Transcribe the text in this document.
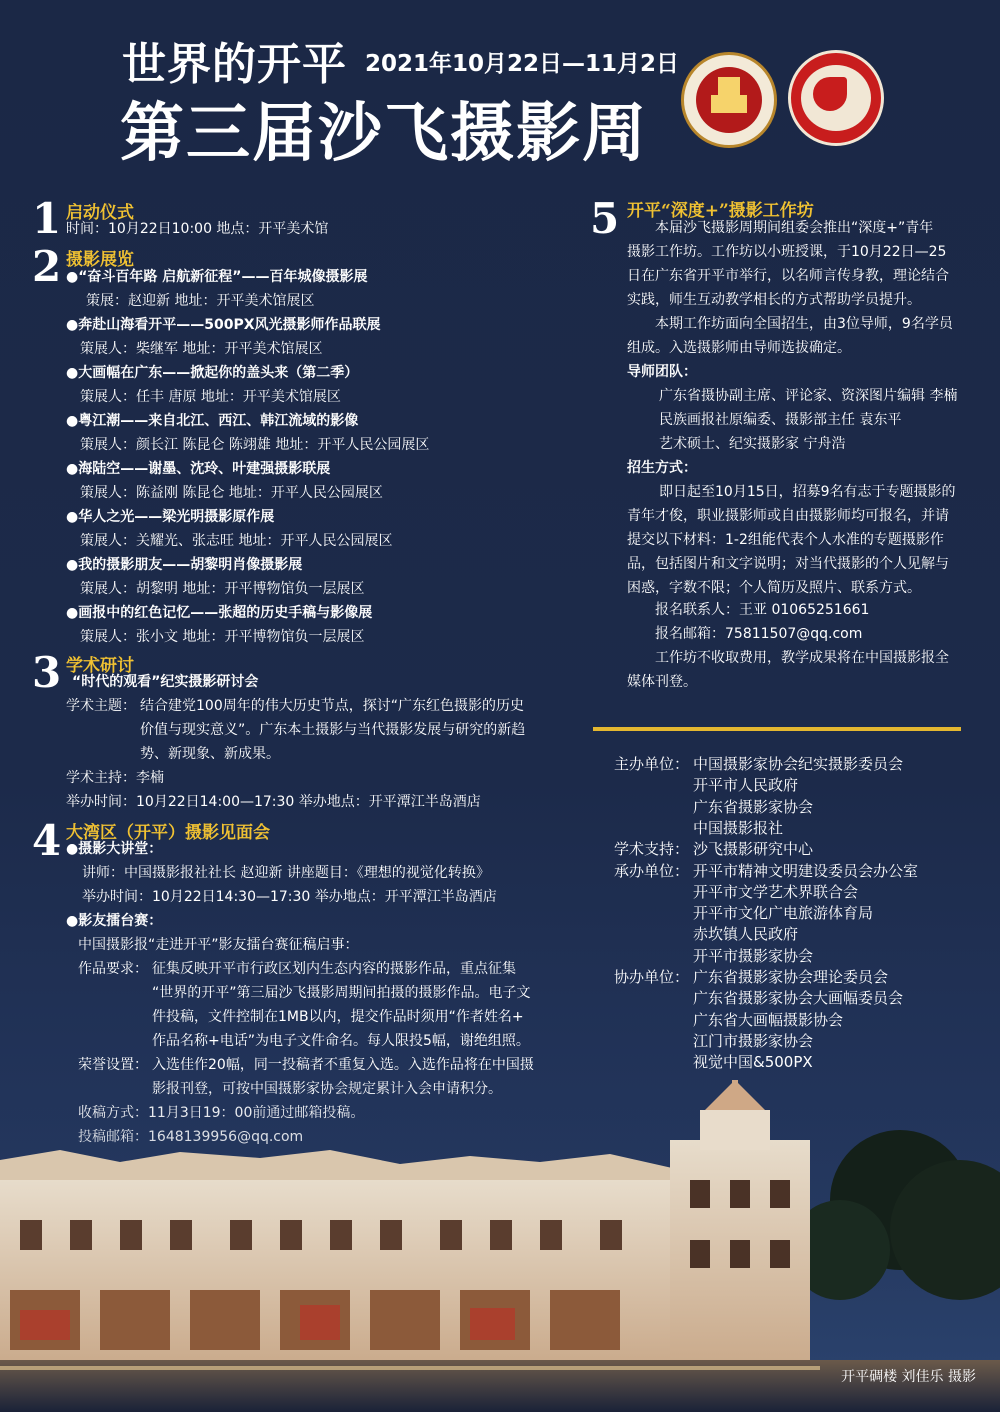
世界的开平 2021年10月22日—11月2日
第三届沙飞摄影周
1 启动仪式
时间：10月22日10:00 地点：开平美术馆
2 摄影展览
●“奋斗百年路 启航新征程”——百年城像摄影展
策展：赵迎新 地址：开平美术馆展区
●奔赴山海看开平——500PX风光摄影师作品联展
策展人：柴继军 地址：开平美术馆展区
●大画幅在广东——掀起你的盖头来（第二季）
策展人：任丰 唐原 地址：开平美术馆展区
●粤江潮——来自北江、西江、韩江流域的影像
策展人：颜长江 陈昆仑 陈翊雄 地址：开平人民公园展区
●海陆空——谢墨、沈玲、叶建强摄影联展
策展人：陈益刚 陈昆仑 地址：开平人民公园展区
●华人之光——梁光明摄影原作展
策展人：关耀光、张志旺 地址：开平人民公园展区
●我的摄影朋友——胡黎明肖像摄影展
策展人：胡黎明 地址：开平博物馆负一层展区
●画报中的红色记忆——张超的历史手稿与影像展
策展人：张小文 地址：开平博物馆负一层展区
3 学术研讨
“时代的观看”纪实摄影研讨会
学术主题： 结合建党100周年的伟大历史节点，探讨“广东红色摄影的历史
价值与现实意义”。广东本土摄影与当代摄影发展与研究的新趋
势、新现象、新成果。
学术主持：李楠
举办时间：10月22日14:00—17:30 举办地点：开平潭江半岛酒店
4 大湾区（开平）摄影见面会
●摄影大讲堂：
讲师：中国摄影报社社长 赵迎新 讲座题目：《理想的视觉化转换》
举办时间：10月22日14:30—17:30 举办地点：开平潭江半岛酒店
●影友擂台赛：
中国摄影报“走进开平”影友擂台赛征稿启事：
作品要求： 征集反映开平市行政区划内生态内容的摄影作品，重点征集
“世界的开平”第三届沙飞摄影周期间拍摄的摄影作品。电子文
件投稿，文件控制在1MB以内，提交作品时须用“作者姓名+
作品名称+电话”为电子文件命名。每人限投5幅，谢绝组照。
荣誉设置： 入选佳作20幅，同一投稿者不重复入选。入选作品将在中国摄
5 开平“深度+”摄影工作坊
本届沙飞摄影周期间组委会推出“深度+”青年
摄影工作坊。工作坊以小班授课，于10月22日—25
日在广东省开平市举行，以名师言传身教，理论结合
实践，师生互动教学相长的方式帮助学员提升。
本期工作坊面向全国招生，由3位导师，9名学员
组成。入选摄影师由导师选拔确定。
导师团队：
广东省摄协副主席、评论家、资深图片编辑 李楠
民族画报社原编委、摄影部主任 袁东平
艺术硕士、纪实摄影家 宁舟浩
招生方式：
即日起至10月15日，招募9名有志于专题摄影的
青年才俊，职业摄影师或自由摄影师均可报名，并请
提交以下材料：1-2组能代表个人水准的专题摄影作
品，包括图片和文字说明；对当代摄影的个人见解与
困惑，字数不限；个人简历及照片、联系方式。
报名联系人：王亚 01065251661
报名邮箱：75811507@qq.com
工作坊不收取费用，教学成果将在中国摄影报全
媒体刊登。
主办单位： 中国摄影家协会纪实摄影委员会
开平市人民政府
广东省摄影家协会
中国摄影报社
学术支持： 沙飞摄影研究中心
承办单位： 开平市精神文明建设委员会办公室
开平市文学艺术界联合会
开平市文化广电旅游体育局
赤坎镇人民政府
开平市摄影家协会
协办单位： 广东省摄影家协会理论委员会
广东省摄影家协会大画幅委员会
广东省大画幅摄影协会
江门市摄影家协会
视觉中国&500PX
开平碉楼 刘佳乐 摄影
